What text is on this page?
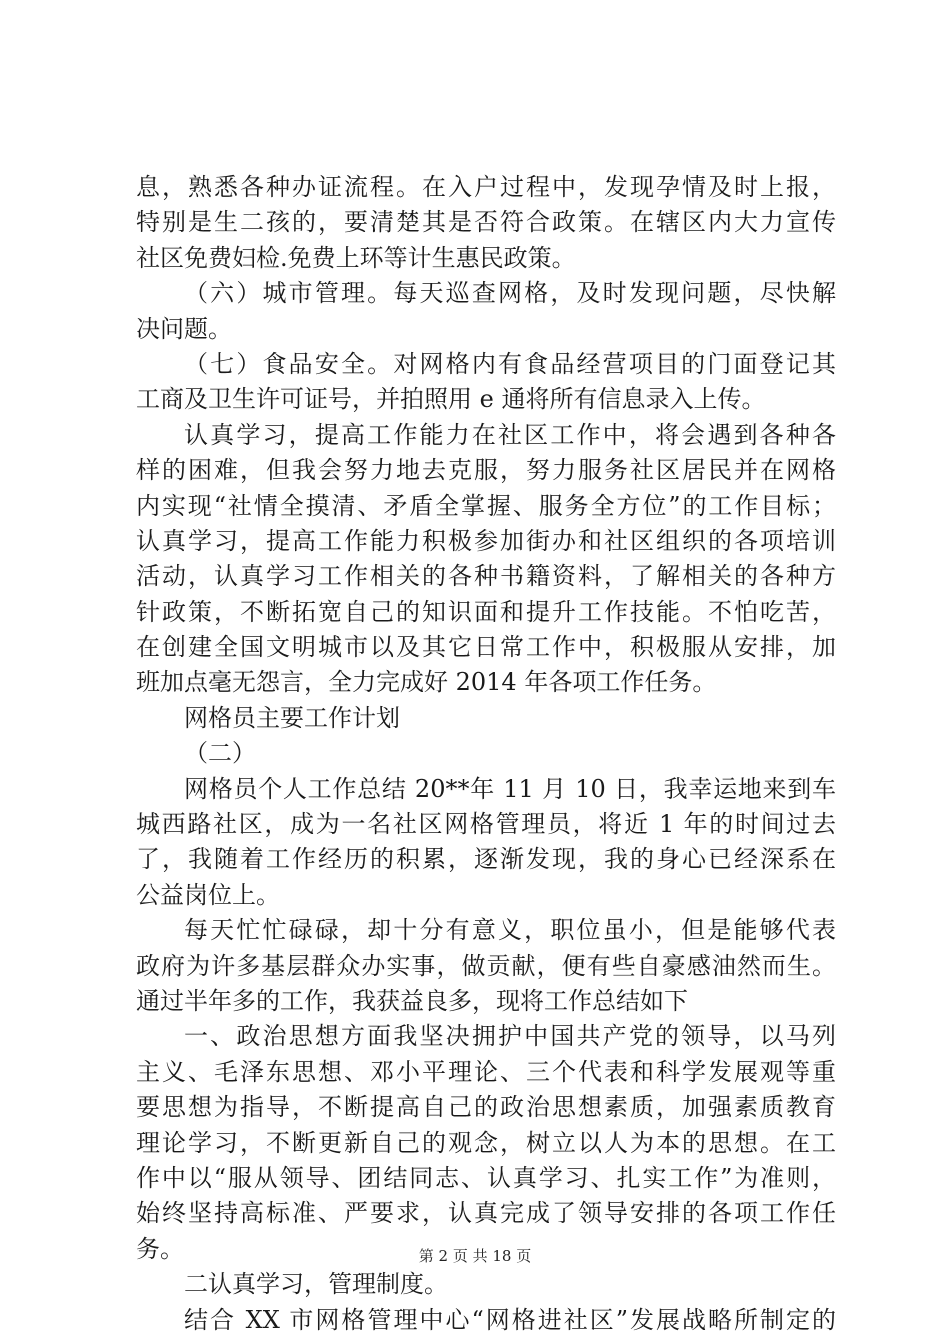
息，熟悉各种办证流程。在入户过程中，发现孕情及时上报，
特别是生二孩的，要清楚其是否符合政策。在辖区内大力宣传
社区免费妇检.免费上环等计生惠民政策。
（六）城市管理。每天巡查网格，及时发现问题，尽快解
决问题。
（七）食品安全。对网格内有食品经营项目的门面登记其
工商及卫生许可证号，并拍照用 e 通将所有信息录入上传。
认真学习，提高工作能力在社区工作中，将会遇到各种各
样的困难，但我会努力地去克服，努力服务社区居民并在网格
内实现“社情全摸清、矛盾全掌握、服务全方位”的工作目标；
认真学习，提高工作能力积极参加街办和社区组织的各项培训
活动，认真学习工作相关的各种书籍资料，了解相关的各种方
针政策，不断拓宽自己的知识面和提升工作技能。不怕吃苦，
在创建全国文明城市以及其它日常工作中，积极服从安排，加
班加点毫无怨言，全力完成好 2014 年各项工作任务。
网格员主要工作计划
（二）
网格员个人工作总结 20**年 11 月 10 日，我幸运地来到车
城西路社区，成为一名社区网格管理员，将近 1 年的时间过去
了，我随着工作经历的积累，逐渐发现，我的身心已经深系在
公益岗位上。
每天忙忙碌碌，却十分有意义，职位虽小，但是能够代表
政府为许多基层群众办实事，做贡献，便有些自豪感油然而生。
通过半年多的工作，我获益良多，现将工作总结如下
一、政治思想方面我坚决拥护中国共产党的领导，以马列
主义、毛泽东思想、邓小平理论、三个代表和科学发展观等重
要思想为指导，不断提高自己的政治思想素质，加强素质教育
理论学习，不断更新自己的观念，树立以人为本的思想。在工
作中以“服从领导、团结同志、认真学习、扎实工作”为准则，
始终坚持高标准、严要求，认真完成了领导安排的各项工作任
务。
二认真学习，管理制度。
结合 XX 市网格管理中心“网格进社区”发展战略所制定的
第 2 页 共 18 页
